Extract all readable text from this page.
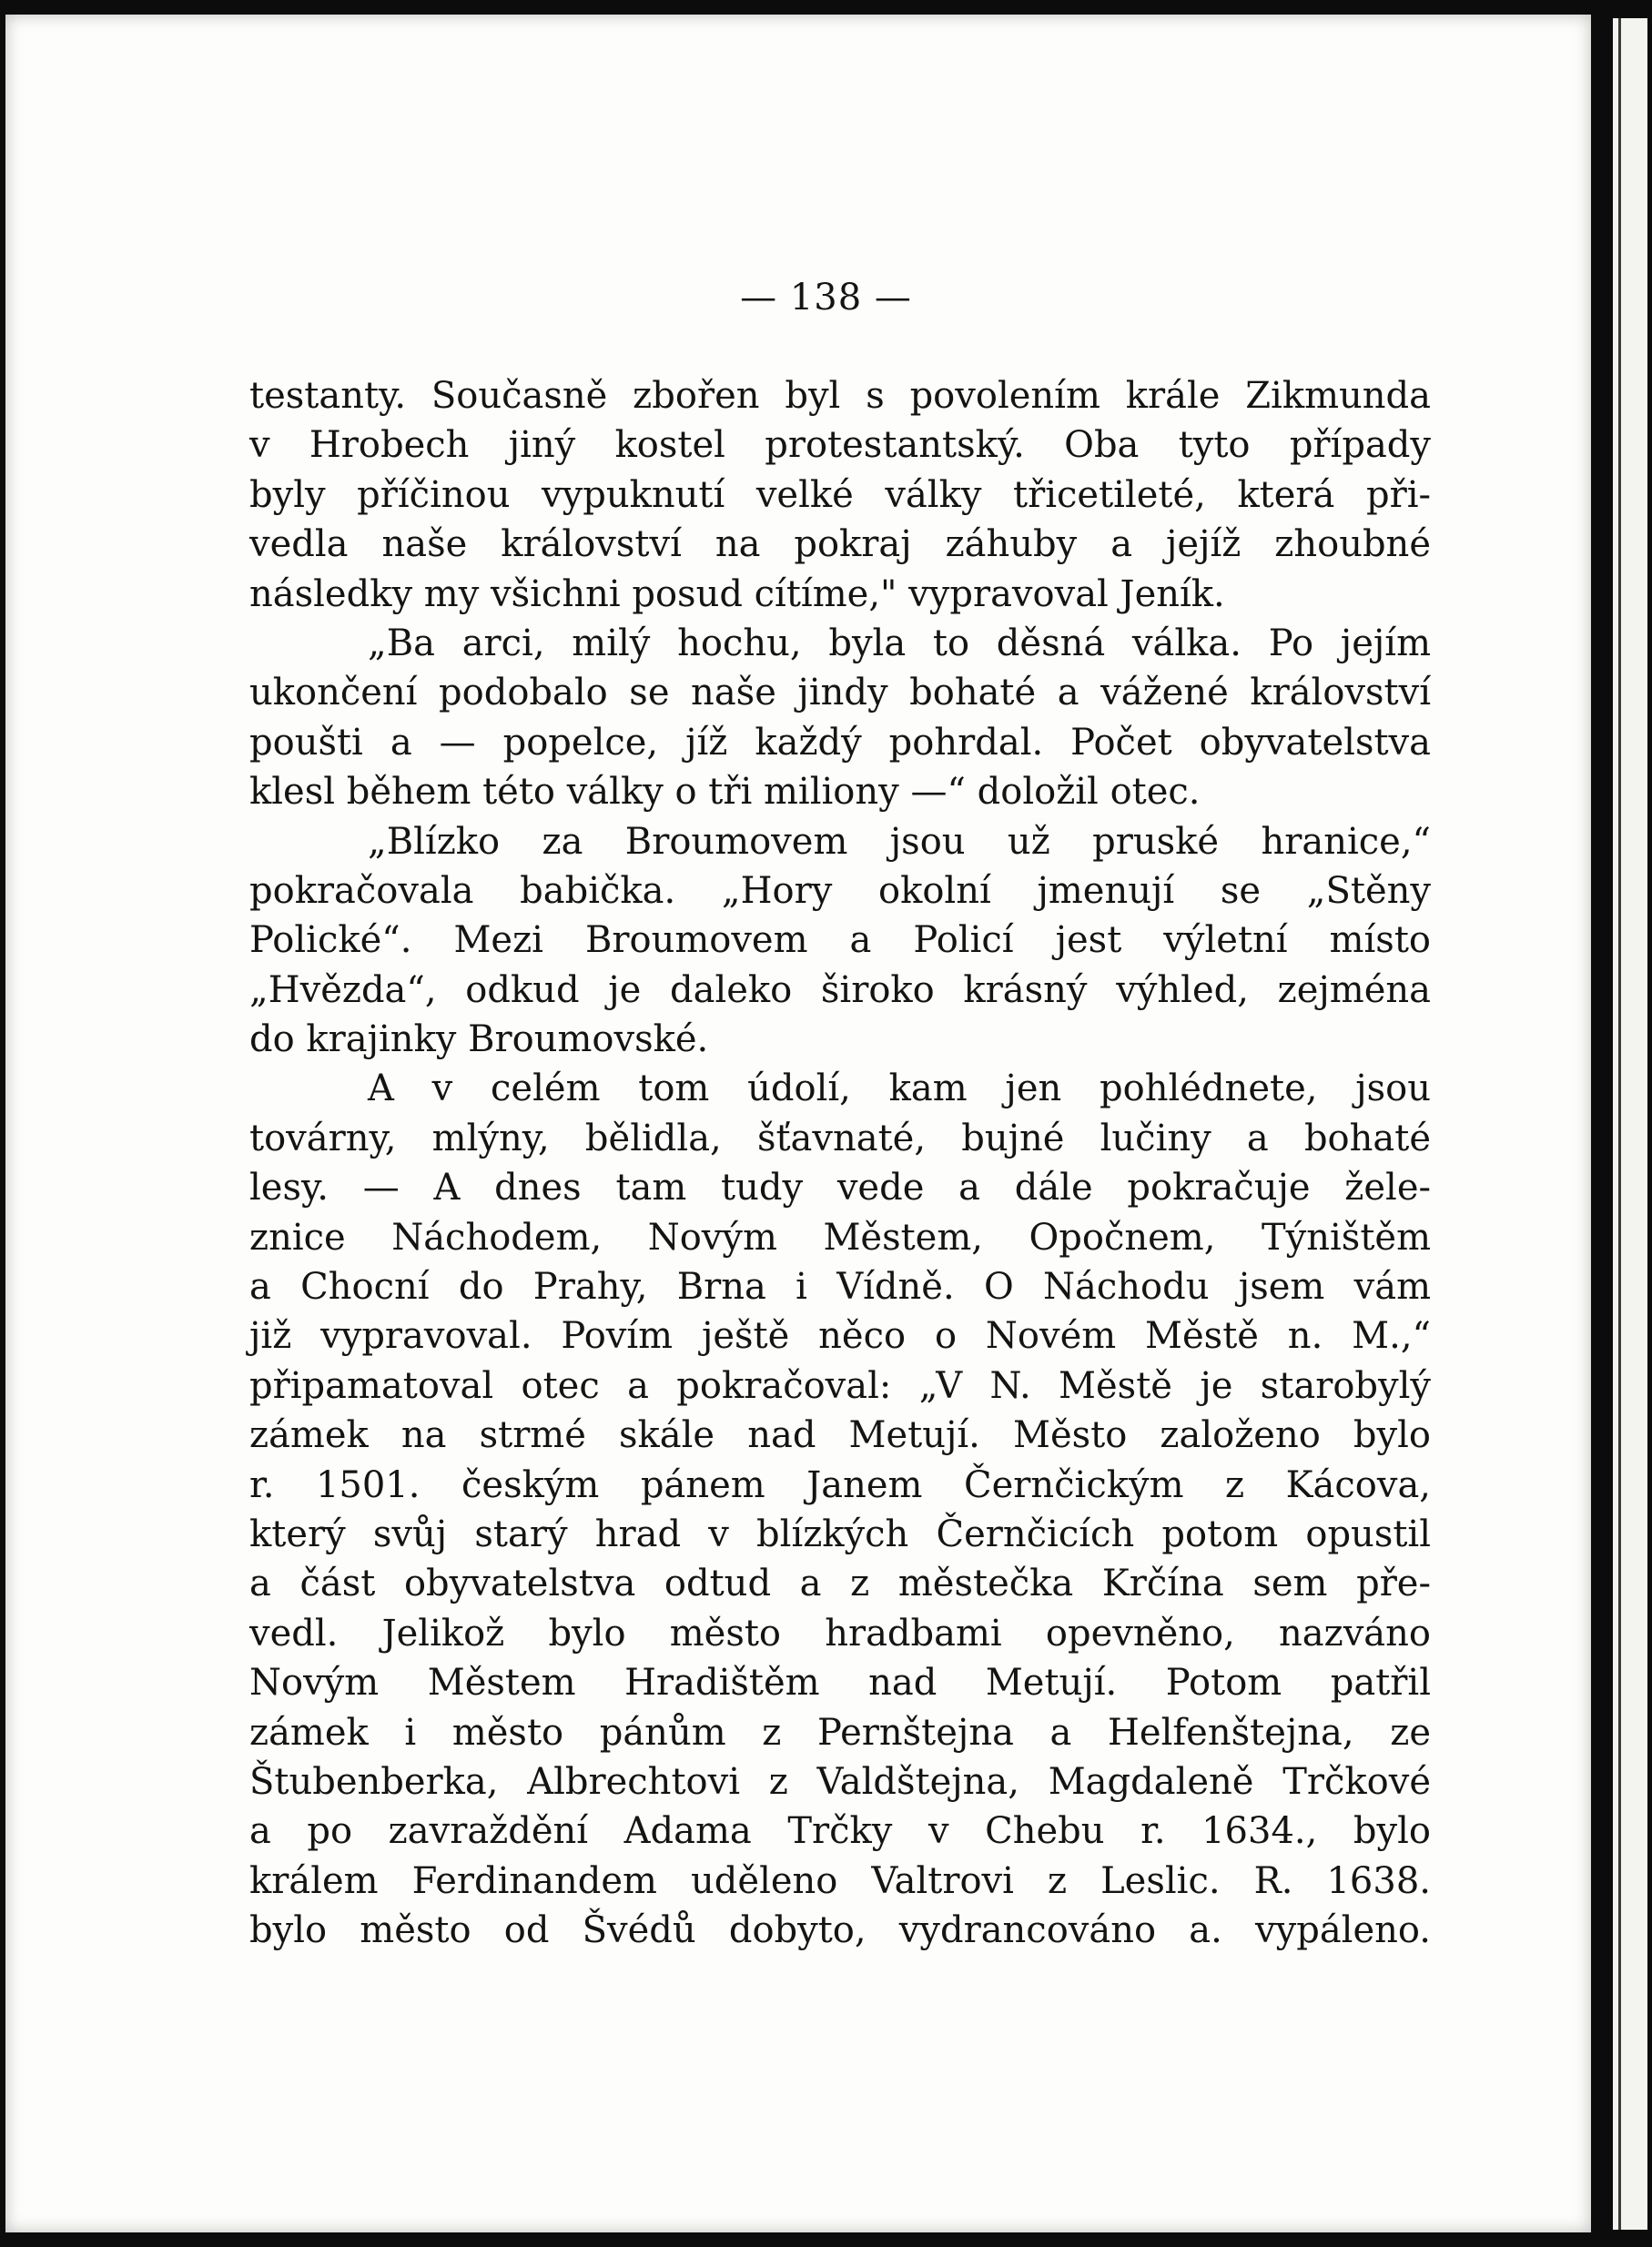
— 138 —
testanty. Současně zbořen byl s povolením krále Zikmunda
v Hrobech jiný kostel protestantský. Oba tyto případy
byly příčinou vypuknutí velké války třicetileté, která při-
vedla naše království na pokraj záhuby a jejíž zhoubné
následky my všichni posud cítíme," vypravoval Jeník.
„Ba arci, milý hochu, byla to děsná válka. Po jejím
ukončení podobalo se naše jindy bohaté a vážené království
poušti a — popelce, jíž každý pohrdal. Počet obyvatelstva
klesl během této války o tři miliony —“ doložil otec.
„Blízko za Broumovem jsou už pruské hranice,“
pokračovala babička. „Hory okolní jmenují se „Stěny
Polické“. Mezi Broumovem a Policí jest výletní místo
„Hvězda“, odkud je daleko široko krásný výhled, zejména
do krajinky Broumovské.
A v celém tom údolí, kam jen pohlédnete, jsou
továrny, mlýny, bělidla, šťavnaté, bujné lučiny a bohaté
lesy. — A dnes tam tudy vede a dále pokračuje žele-
znice Náchodem, Novým Městem, Opočnem, Týništěm
a Chocní do Prahy, Brna i Vídně. O Náchodu jsem vám
již vypravoval. Povím ještě něco o Novém Městě n. M.,“
připamatoval otec a pokračoval: „V N. Městě je starobylý
zámek na strmé skále nad Metují. Město založeno bylo
r. 1501. českým pánem Janem Černčickým z Kácova,
který svůj starý hrad v blízkých Černčicích potom opustil
a část obyvatelstva odtud a z městečka Krčína sem pře-
vedl. Jelikož bylo město hradbami opevněno, nazváno
Novým Městem Hradištěm nad Metují. Potom patřil
zámek i město pánům z Pernštejna a Helfenštejna, ze
Štubenberka, Albrechtovi z Valdštejna, Magdaleně Trčkové
a po zavraždění Adama Trčky v Chebu r. 1634., bylo
králem Ferdinandem uděleno Valtrovi z Leslic. R. 1638.
bylo město od Švédů dobyto, vydrancováno a. vypáleno.
